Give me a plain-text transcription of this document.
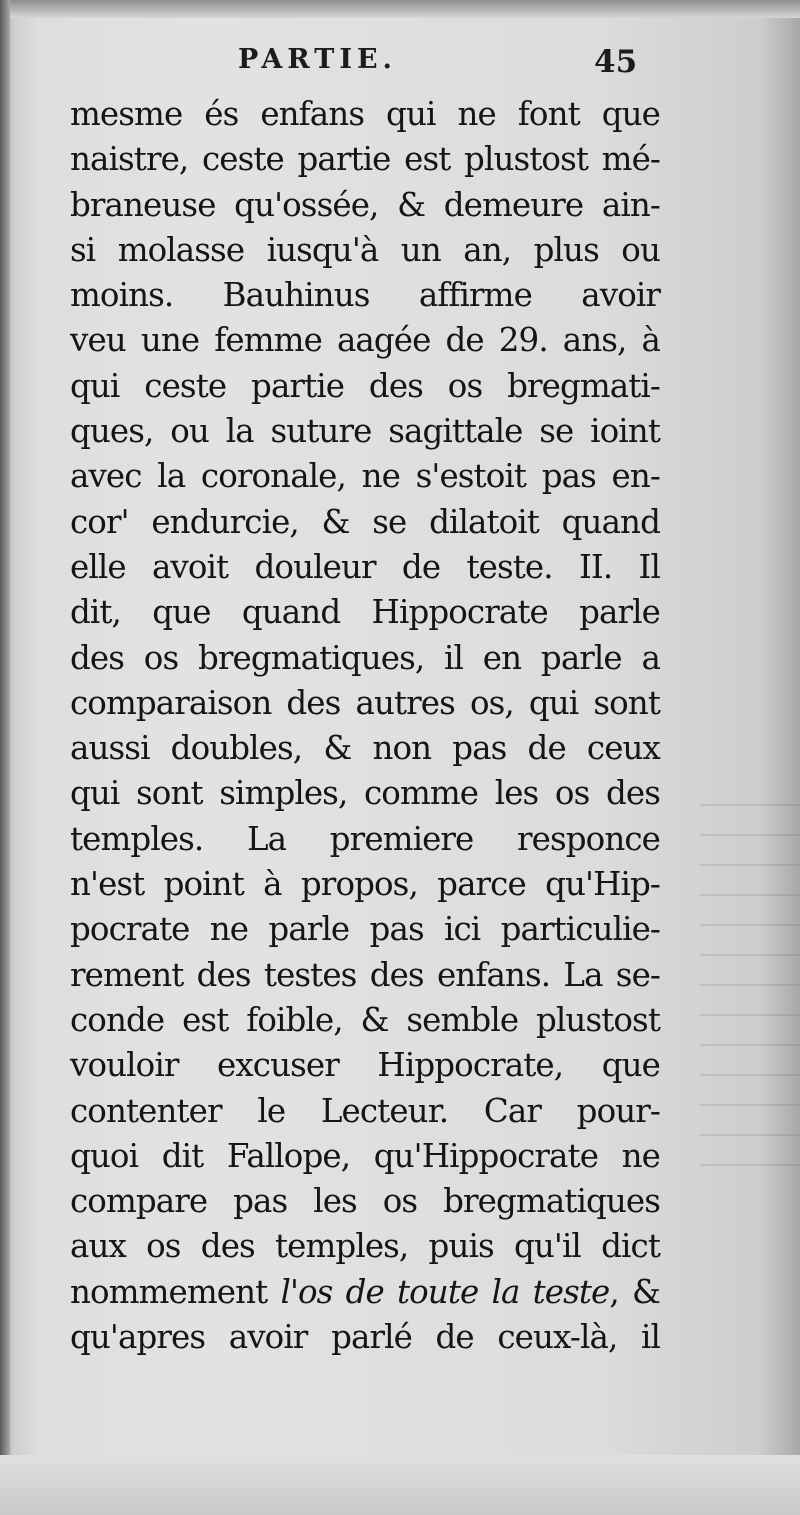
PARTIE.	45
mesme és enfans qui ne font que
naistre, ceste partie est plustost mé-
braneuse qu'ossée, & demeure ain-
si molasse iusqu'à un an, plus ou
moins. Bauhinus affirme avoir
veu une femme aagée de 29. ans, à
qui ceste partie des os bregmati-
ques, ou la suture sagittale se ioint
avec la coronale, ne s'estoit pas en-
cor' endurcie, & se dilatoit quand
elle avoit douleur de teste. II. Il
dit, que quand Hippocrate parle
des os bregmatiques, il en parle a
comparaison des autres os, qui sont
aussi doubles, & non pas de ceux
qui sont simples, comme les os des
temples. La premiere responce
n'est point à propos, parce qu'Hip-
pocrate ne parle pas ici particulie-
rement des testes des enfans. La se-
conde est foible, & semble plustost
vouloir excuser Hippocrate, que
contenter le Lecteur. Car pour-
quoi dit Fallope, qu'Hippocrate ne
compare pas les os bregmatiques
aux os des temples, puis qu'il dict
nommement l'os de toute la teste, &
qu'apres avoir parlé de ceux-là, il
